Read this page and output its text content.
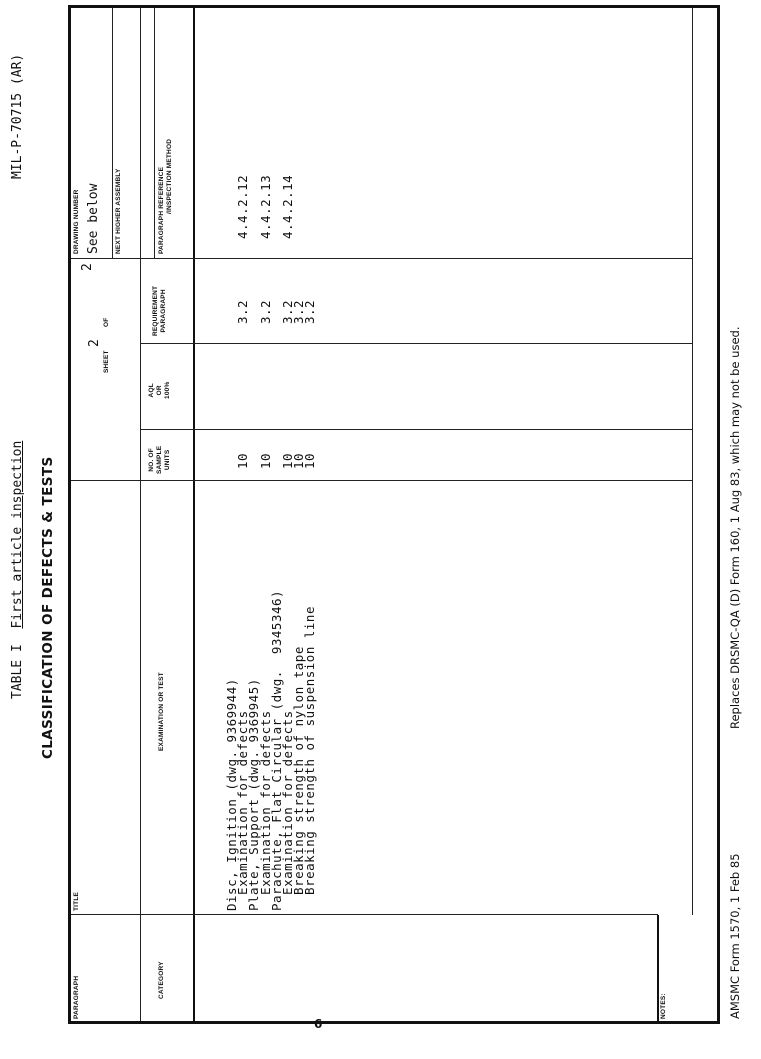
TABLE I  First article inspection
MIL-P-70715 (AR)
CLASSIFICATION OF DEFECTS & TESTS
PARAGRAPH
TITLE
CATEGORY
EXAMINATION OR TEST
NO. OF SAMPLE UNITS
AQL OR 100%
REQUIREMENT PARAGRAPH
PARAGRAPH REFERENCE /INSPECTION METHOD
SHEET
OF
2
2
DRAWING NUMBER See below NEXT HIGHER ASSEMBLY
NOTES:
Disc, Ignition (dwg. 9369944)
Examination for defects
10
3.2
4.4.2.12
Plate, Support (dwg. 9369945)
Examination for defects
10
3.2
4.4.2.13
Parachute, Flat Circular (dwg.  9345346)
Examination for defects
10
3.2
4.4.2.14
Breaking strength of nylon tape
10
3.2
Breaking strength of suspension line
10
3.2
AMSMC Form 1570, 1 Feb 85
Replaces DRSMC-QA (D) Form 160, 1 Aug 83, which may not be used.
6
